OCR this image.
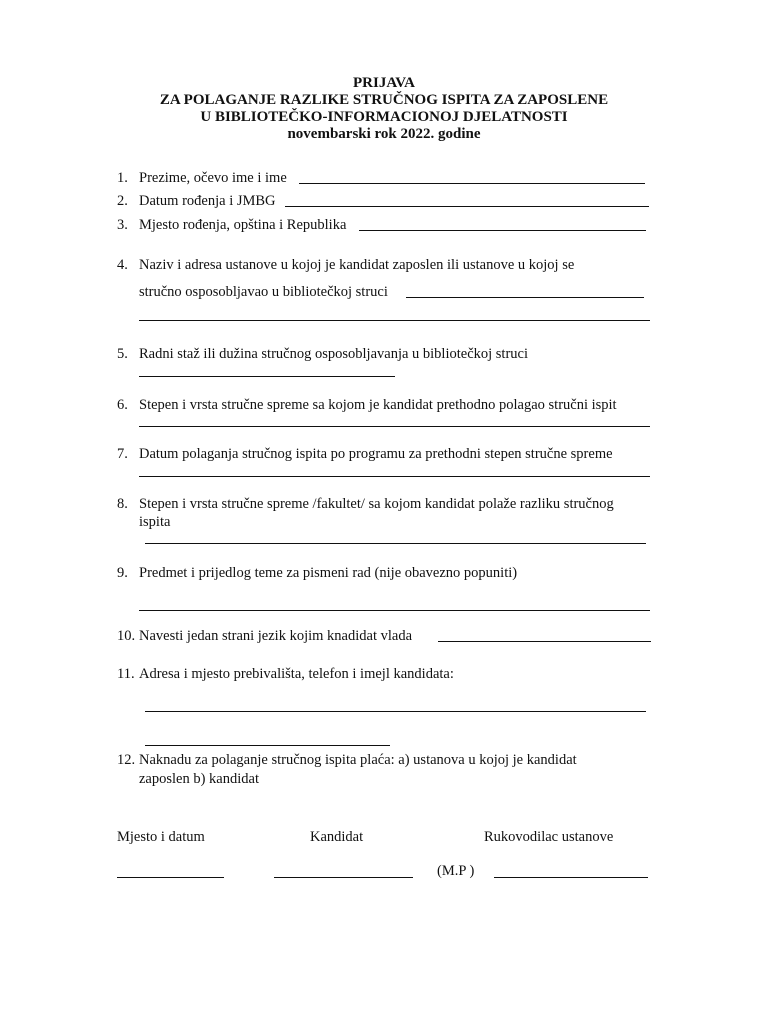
PRIJAVA
ZA POLAGANJE RAZLIKE STRUČNOG ISPITA ZA ZAPOSLENE
U BIBLIOTEČKO-INFORMACIONOJ DJELATNOSTI
novembarski rok 2022. godine
1. Prezime, očevo ime i ime
2. Datum rođenja i JMBG
3. Mjesto rođenja, opština i Republika
4. Naziv i adresa ustanove u kojoj je kandidat zaposlen ili ustanove u kojoj se
stručno osposobljavao u bibliotečkoj struci
5. Radni staž ili dužina stručnog osposobljavanja u bibliotečkoj struci
6. Stepen i vrsta stručne spreme sa kojom je kandidat prethodno polagao stručni ispit
7. Datum polaganja stručnog ispita po programu za prethodni stepen stručne spreme
8. Stepen i vrsta stručne spreme /fakultet/ sa kojom kandidat polaže razliku stručnog
ispita
9. Predmet i prijedlog teme za pismeni rad (nije obavezno popuniti)
10. Navesti jedan strani jezik kojim knadidat vlada
11. Adresa i mjesto prebivališta, telefon i imejl kandidata:
12. Naknadu za polaganje stručnog ispita plaća: a) ustanova u kojoj je kandidat
zaposlen b) kandidat
Mjesto i datum	Kandidat	Rukovodilac ustanove
(M.P )
